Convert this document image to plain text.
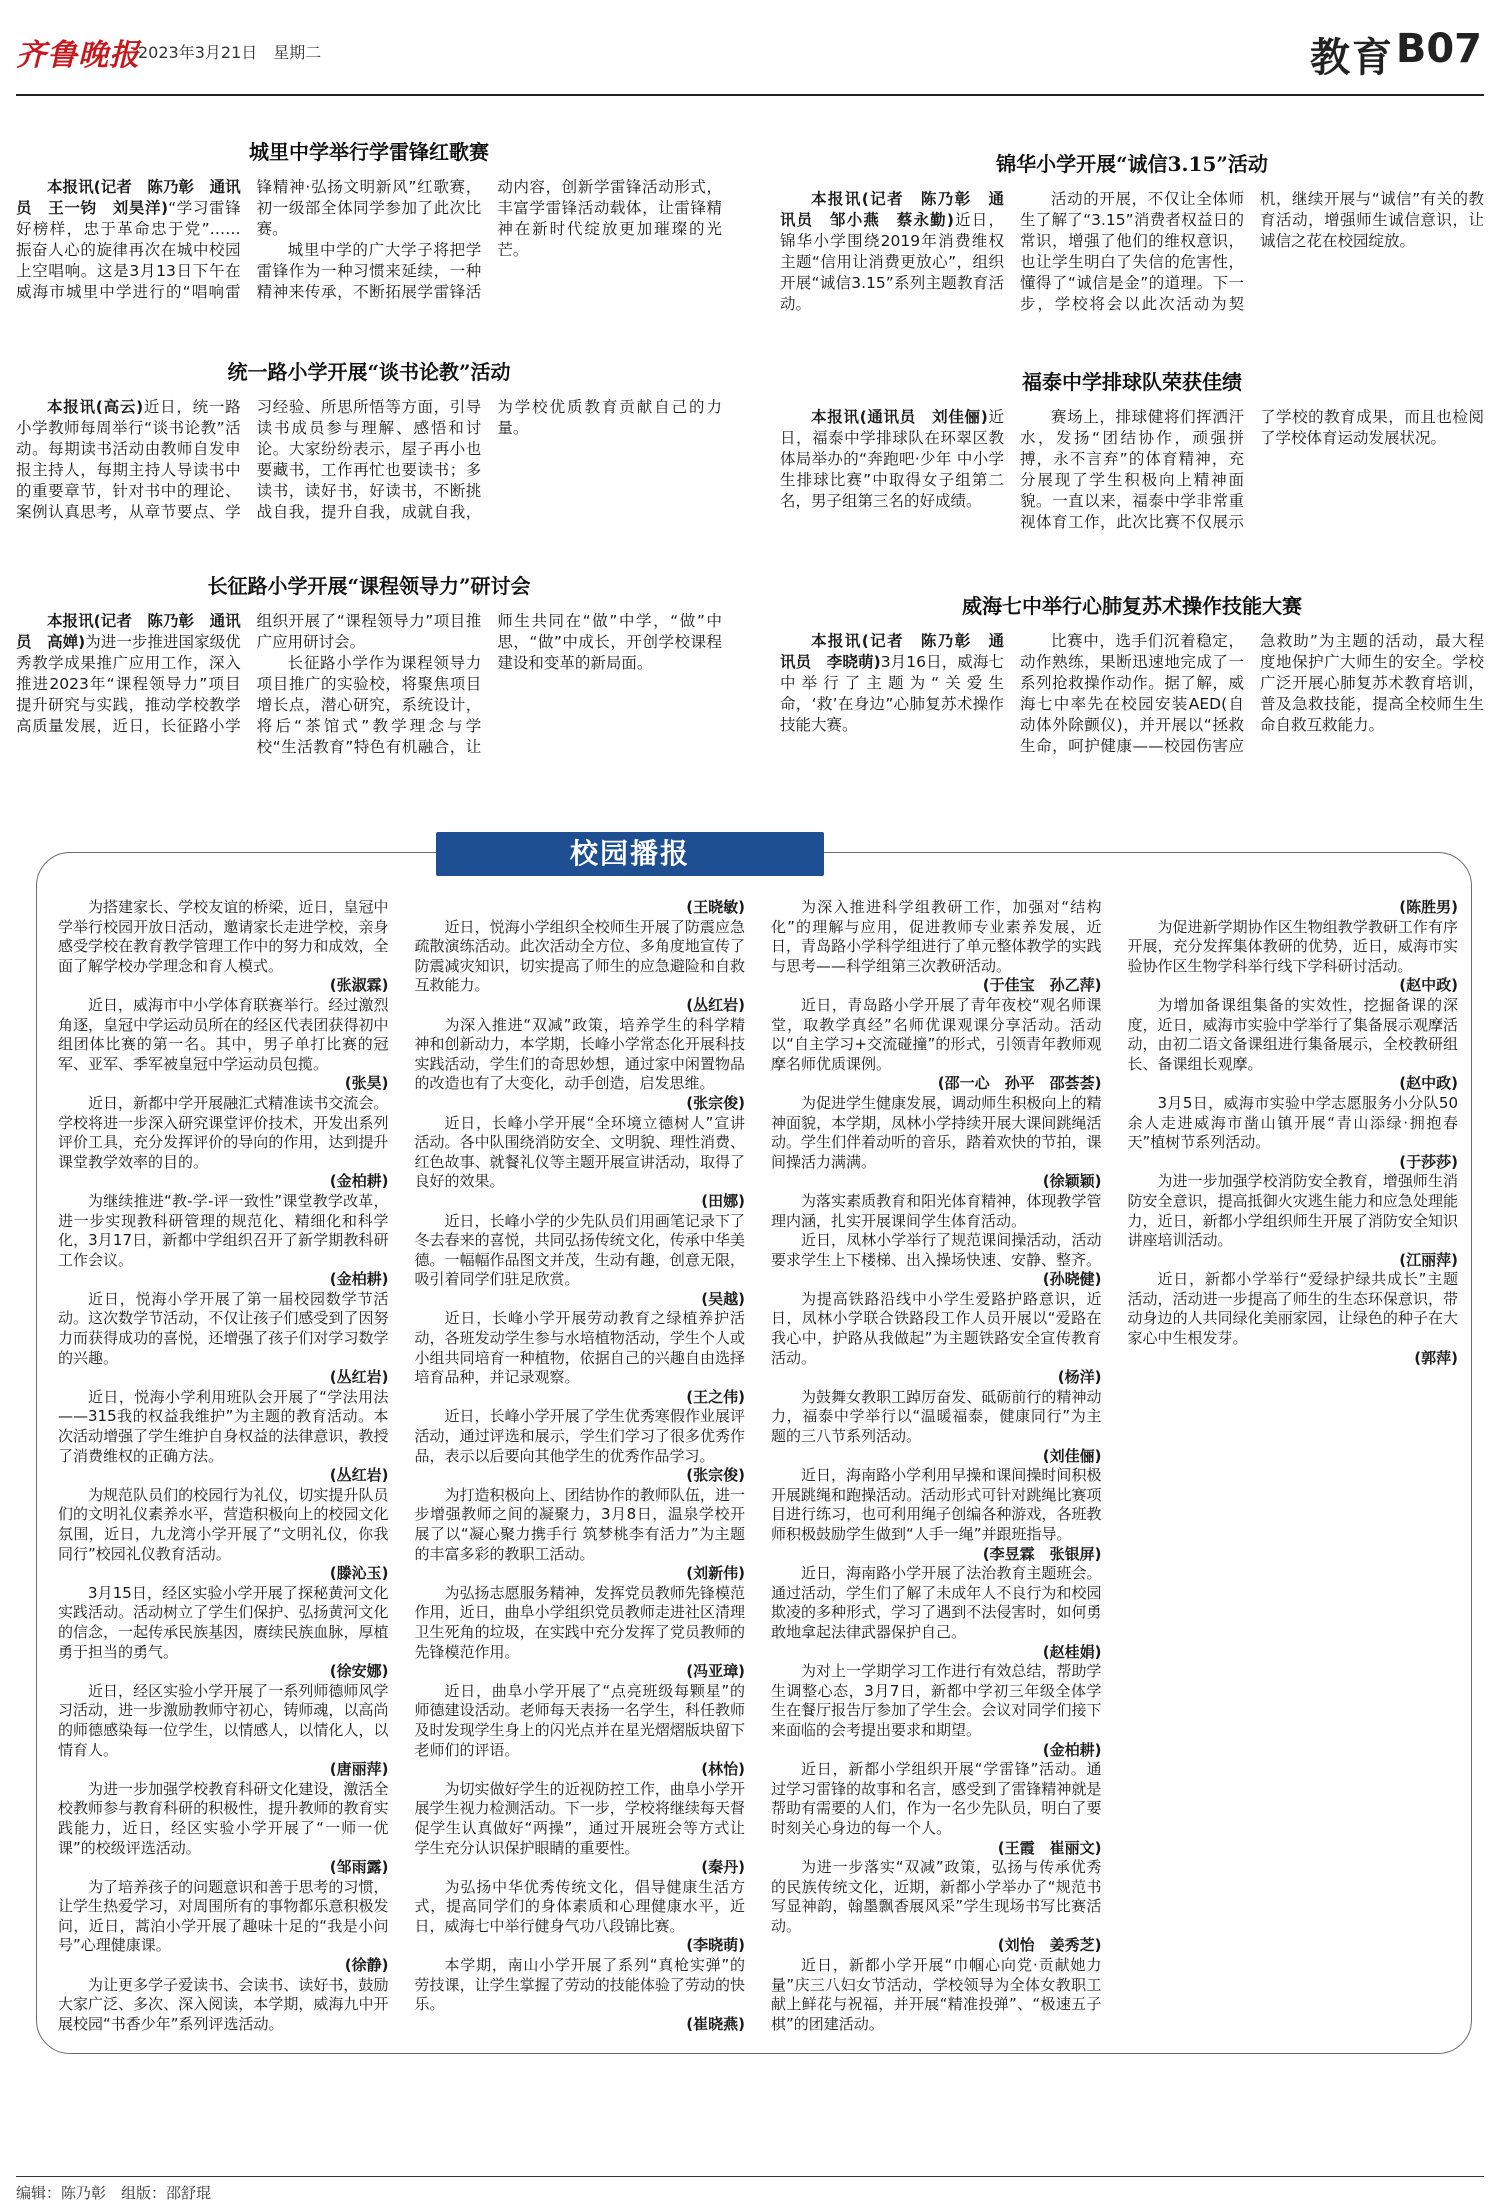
齐鲁晚报
2023年3月21日　星期二	教育 B07
城里中学举行学雷锋红歌赛

本报讯(记者　陈乃彰　通讯员　王一钧　刘昊洋)“学习雷锋好榜样，忠于革命忠于党”……振奋人心的旋律再次在城中校园上空唱响。这是3月13日下午在威海市城里中学进行的“唱响雷锋精神·弘扬文明新风”红歌赛，初一级部全体同学参加了此次比赛。

城里中学的广大学子将把学雷锋作为一种习惯来延续，一种精神来传承，不断拓展学雷锋活动内容，创新学雷锋活动形式，丰富学雷锋活动载体，让雷锋精神在新时代绽放更加璀璨的光芒。

统一路小学开展“谈书论教”活动

本报讯(高云)近日，统一路小学教师每周举行“谈书论教”活动。每期读书活动由教师自发申报主持人，每期主持人导读书中的重要章节，针对书中的理论、案例认真思考，从章节要点、学习经验、所思所悟等方面，引导读书成员参与理解、感悟和讨论。大家纷纷表示，屋子再小也要藏书，工作再忙也要读书；多读书，读好书，好读书，不断挑战自我，提升自我，成就自我，为学校优质教育贡献自己的力量。

长征路小学开展“课程领导力”研讨会

本报讯(记者　陈乃彰　通讯员　高婵)为进一步推进国家级优秀教学成果推广应用工作，深入推进2023年“课程领导力”项目提升研究与实践，推动学校教学高质量发展，近日，长征路小学组织开展了“课程领导力”项目推广应用研讨会。

长征路小学作为课程领导力项目推广的实验校，将聚焦项目增长点，潜心研究，系统设计，将后“茶馆式”教学理念与学校“生活教育”特色有机融合，让师生共同在“做”中学，“做”中思，“做”中成长，开创学校课程建设和变革的新局面。

锦华小学开展“诚信3.15”活动

本报讯(记者　陈乃彰　通讯员　邹小燕　蔡永勤)近日，锦华小学围绕2019年消费维权主题“信用让消费更放心”，组织开展“诚信3.15”系列主题教育活动。

活动的开展，不仅让全体师生了解了“3.15”消费者权益日的常识，增强了他们的维权意识，也让学生明白了失信的危害性，懂得了“诚信是金”的道理。下一步，学校将会以此次活动为契机，继续开展与“诚信”有关的教育活动，增强师生诚信意识，让诚信之花在校园绽放。

福泰中学排球队荣获佳绩

本报讯(通讯员　刘佳俪)近日，福泰中学排球队在环翠区教体局举办的“奔跑吧·少年 中小学生排球比赛”中取得女子组第二名，男子组第三名的好成绩。

赛场上，排球健将们挥洒汗水，发扬“团结协作，顽强拼搏，永不言弃”的体育精神，充分展现了学生积极向上精神面貌。一直以来，福泰中学非常重视体育工作，此次比赛不仅展示了学校的教育成果，而且也检阅了学校体育运动发展状况。

威海七中举行心肺复苏术操作技能大赛

本报讯(记者　陈乃彰　通讯员　李晓萌)3月16日，威海七中举行了主题为“关爱生命，‘救’在身边”心肺复苏术操作技能大赛。

比赛中，选手们沉着稳定，动作熟练，果断迅速地完成了一系列抢救操作动作。据了解，威海七中率先在校园安装AED(自动体外除颤仪)，并开展以“拯救生命，呵护健康——校园伤害应急救助”为主题的活动，最大程度地保护广大师生的安全。学校广泛开展心肺复苏术教育培训，普及急救技能，提高全校师生生命自救互救能力。

校园播报

为搭建家长、学校友谊的桥梁，近日，皇冠中学举行校园开放日活动，邀请家长走进学校，亲身感受学校在教育教学管理工作中的努力和成效，全面了解学校办学理念和育人模式。

(张淑霖)

近日，威海市中小学体育联赛举行。经过激烈角逐，皇冠中学运动员所在的经区代表团获得初中组团体比赛的第一名。其中，男子单打比赛的冠军、亚军、季军被皇冠中学运动员包揽。

(张昊)

近日，新都中学开展融汇式精准读书交流会。学校将进一步深入研究课堂评价技术，开发出系列评价工具，充分发挥评价的导向的作用，达到提升课堂教学效率的目的。

(金柏耕)

为继续推进“教-学-评一致性”课堂教学改革，进一步实现教科研管理的规范化、精细化和科学化，3月17日，新都中学组织召开了新学期教科研工作会议。

(金柏耕)

近日，悦海小学开展了第一届校园数学节活动。这次数学节活动，不仅让孩子们感受到了因努力而获得成功的喜悦，还增强了孩子们对学习数学的兴趣。

(丛红岩)

近日，悦海小学利用班队会开展了“学法用法——315我的权益我维护”为主题的教育活动。本次活动增强了学生维护自身权益的法律意识，教授了消费维权的正确方法。

(丛红岩)

为规范队员们的校园行为礼仪，切实提升队员们的文明礼仪素养水平，营造积极向上的校园文化氛围，近日，九龙湾小学开展了“文明礼仪，你我同行”校园礼仪教育活动。

(滕沁玉)

3月15日，经区实验小学开展了探秘黄河文化实践活动。活动树立了学生们保护、弘扬黄河文化的信念，一起传承民族基因，赓续民族血脉，厚植勇于担当的勇气。

(徐安娜)

近日，经区实验小学开展了一系列师德师风学习活动，进一步激励教师守初心，铸师魂，以高尚的师德感染每一位学生，以情感人，以情化人，以情育人。

(唐丽萍)

为进一步加强学校教育科研文化建设，激活全校教师参与教育科研的积极性，提升教师的教育实践能力，近日，经区实验小学开展了“一师一优课”的校级评选活动。

(邹雨露)

为了培养孩子的问题意识和善于思考的习惯，让学生热爱学习，对周围所有的事物都乐意积极发问，近日，蒿泊小学开展了趣味十足的“我是小问号”心理健康课。

(徐静)

为让更多学子爱读书、会读书、读好书，鼓励大家广泛、多次、深入阅读，本学期，威海九中开展校园“书香少年”系列评选活动。

(王晓敏)

近日，悦海小学组织全校师生开展了防震应急疏散演练活动。此次活动全方位、多角度地宣传了防震减灾知识，切实提高了师生的应急避险和自救互救能力。

(丛红岩)

为深入推进“双减”政策，培养学生的科学精神和创新动力，本学期，长峰小学常态化开展科技实践活动，学生们的奇思妙想，通过家中闲置物品的改造也有了大变化，动手创造，启发思维。

(张宗俊)

近日，长峰小学开展“全环境立德树人”宣讲活动。各中队围绕消防安全、文明貌、理性消费、红色故事、就餐礼仪等主题开展宣讲活动，取得了良好的效果。

(田娜)

近日，长峰小学的少先队员们用画笔记录下了冬去春来的喜悦，共同弘扬传统文化，传承中华美德。一幅幅作品图文并茂，生动有趣，创意无限，吸引着同学们驻足欣赏。

(吴越)

近日，长峰小学开展劳动教育之绿植养护活动，各班发动学生参与水培植物活动，学生个人或小组共同培育一种植物，依据自己的兴趣自由选择培育品种，并记录观察。

(王之伟)

近日，长峰小学开展了学生优秀寒假作业展评活动，通过评选和展示，学生们学习了很多优秀作品，表示以后要向其他学生的优秀作品学习。

(张宗俊)

为打造积极向上、团结协作的教师队伍，进一步增强教师之间的凝聚力，3月8日，温泉学校开展了以“凝心聚力携手行 筑梦桃李有活力”为主题的丰富多彩的教职工活动。

(刘新伟)

为弘扬志愿服务精神，发挥党员教师先锋模范作用，近日，曲阜小学组织党员教师走进社区清理卫生死角的垃圾，在实践中充分发挥了党员教师的先锋模范作用。

(冯亚璋)

近日，曲阜小学开展了“点亮班级每颗星”的师德建设活动。老师每天表扬一名学生，科任教师及时发现学生身上的闪光点并在星光熠熠版块留下老师们的评语。

(林怡)

为切实做好学生的近视防控工作，曲阜小学开展学生视力检测活动。下一步，学校将继续每天督促学生认真做好“两操”，通过开展班会等方式让学生充分认识保护眼睛的重要性。

(秦丹)

为弘扬中华优秀传统文化，倡导健康生活方式，提高同学们的身体素质和心理健康水平，近日，威海七中举行健身气功八段锦比赛。

(李晓萌)

本学期，南山小学开展了系列“真枪实弹”的劳技课，让学生掌握了劳动的技能体验了劳动的快乐。

(崔晓燕)

为深入推进科学组教研工作，加强对“结构化”的理解与应用，促进教师专业素养发展，近日，青岛路小学科学组进行了单元整体教学的实践与思考——科学组第三次教研活动。

(于佳宝　孙乙萍)

近日，青岛路小学开展了青年夜校“观名师课堂，取教学真经”名师优课观课分享活动。活动以“自主学习+交流碰撞”的形式，引领青年教师观摩名师优质课例。

(邵一心　孙平　邵荟荟)

为促进学生健康发展，调动师生积极向上的精神面貌，本学期，凤林小学持续开展大课间跳绳活动。学生们伴着动听的音乐，踏着欢快的节拍，课间操活力满满。

(徐颖颖)

为落实素质教育和阳光体育精神，体现教学管理内涵，扎实开展课间学生体育活动。

近日，凤林小学举行了规范课间操活动，活动要求学生上下楼梯、出入操场快速、安静、整齐。

(孙晓健)

为提高铁路沿线中小学生爱路护路意识，近日，凤林小学联合铁路段工作人员开展以“爱路在我心中，护路从我做起”为主题铁路安全宣传教育活动。

(杨洋)

为鼓舞女教职工踔厉奋发、砥砺前行的精神动力，福泰中学举行以“温暖福泰，健康同行”为主题的三八节系列活动。

(刘佳俪)

近日，海南路小学利用早操和课间操时间积极开展跳绳和跑操活动。活动形式可针对跳绳比赛项目进行练习，也可利用绳子创编各种游戏，各班教师积极鼓励学生做到“人手一绳”并跟班指导。

(李昱霖　张银屏)

近日，海南路小学开展了法治教育主题班会。通过活动，学生们了解了未成年人不良行为和校园欺凌的多种形式，学习了遇到不法侵害时，如何勇敢地拿起法律武器保护自己。

(赵桂娟)

为对上一学期学习工作进行有效总结，帮助学生调整心态，3月7日，新都中学初三年级全体学生在餐厅报告厅参加了学生会。会议对同学们接下来面临的会考提出要求和期望。

(金柏耕)

近日，新都小学组织开展“学雷锋”活动。通过学习雷锋的故事和名言，感受到了雷锋精神就是帮助有需要的人们，作为一名少先队员，明白了要时刻关心身边的每一个人。

(王霞　崔丽文)

为进一步落实“双减”政策，弘扬与传承优秀的民族传统文化，近期，新都小学举办了“规范书写显神韵，翰墨飘香展风采”学生现场书写比赛活动。

(刘怡　姜秀芝)

近日，新都小学开展“巾帼心向党·贡献她力量”庆三八妇女节活动，学校领导为全体女教职工献上鲜花与祝福，并开展“精准投弹”、“极速五子棋”的团建活动。

(陈胜男)

为促进新学期协作区生物组教学教研工作有序开展，充分发挥集体教研的优势，近日，威海市实验协作区生物学科举行线下学科研讨活动。

(赵中政)

为增加备课组集备的实效性，挖掘备课的深度，近日，威海市实验中学举行了集备展示观摩活动，由初二语文备课组进行集备展示，全校教研组长、备课组长观摩。

(赵中政)

3月5日，威海市实验中学志愿服务小分队50余人走进威海市凿山镇开展“青山添绿·拥抱春天”植树节系列活动。

(于莎莎)

为进一步加强学校消防安全教育，增强师生消防安全意识，提高抵御火灾逃生能力和应急处理能力，近日，新都小学组织师生开展了消防安全知识讲座培训活动。

(江丽萍)

近日，新都小学举行“爱绿护绿共成长”主题活动，活动进一步提高了师生的生态环保意识，带动身边的人共同绿化美丽家园，让绿色的种子在大家心中生根发芽。

(郭萍)

编辑：陈乃彰　组版：邵舒琨
